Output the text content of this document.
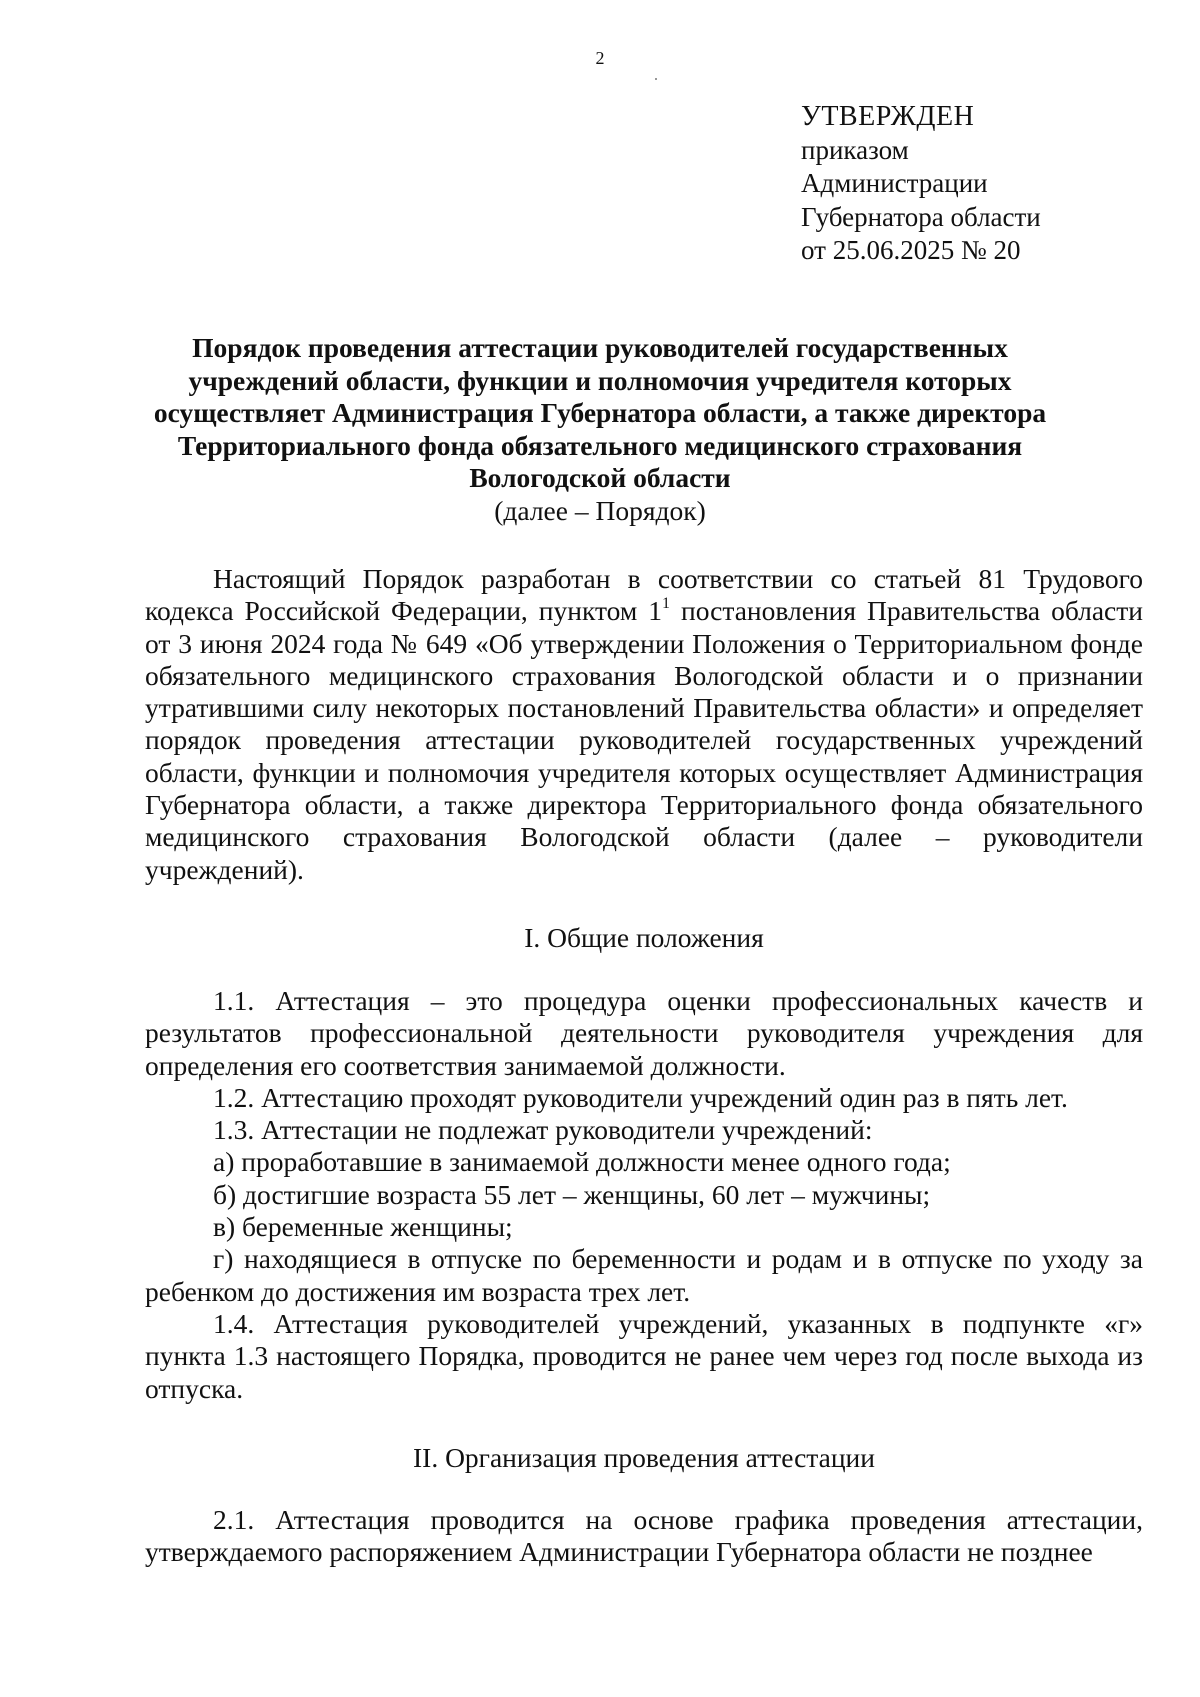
2
УТВЕРЖДЕН
приказом
Администрации
Губернатора области
от 25.06.2025 № 20
Порядок проведения аттестации руководителей государственных
учреждений области, функции и полномочия учредителя которых
осуществляет Администрация Губернатора области, а также директора
Территориального фонда обязательного медицинского страхования
Вологодской области
(далее – Порядок)

Настоящий Порядок разработан в соответствии со статьей 81 Трудового кодекса Российской Федерации, пунктом $1^1$ постановления Правительства области от 3 июня 2024 года № 649 «Об утверждении Положения о Территориальном фонде обязательного медицинского страхования Вологодской области и о признании утратившими силу некоторых постановлений Правительства области» и определяет порядок проведения аттестации руководителей государственных учреждений области, функции и полномочия учредителя которых осуществляет Администрация Губернатора области, а также директора Территориального фонда обязательного медицинского страхования Вологодской области (далее – руководители учреждений).

I. Общие положения

1.1. Аттестация – это процедура оценки профессиональных качеств и результатов профессиональной деятельности руководителя учреждения для определения его соответствия занимаемой должности.

1.2. Аттестацию проходят руководители учреждений один раз в пять лет.

1.3. Аттестации не подлежат руководители учреждений:

а) проработавшие в занимаемой должности менее одного года;

б) достигшие возраста 55 лет – женщины, 60 лет – мужчины;

в) беременные женщины;

г) находящиеся в отпуске по беременности и родам и в отпуске по уходу за ребенком до достижения им возраста трех лет.

1.4. Аттестация руководителей учреждений, указанных в подпункте «г» пункта 1.3 настоящего Порядка, проводится не ранее чем через год после выхода из отпуска.

II. Организация проведения аттестации

2.1. Аттестация проводится на основе графика проведения аттестации, утверждаемого распоряжением Администрации Губернатора области не позднее
